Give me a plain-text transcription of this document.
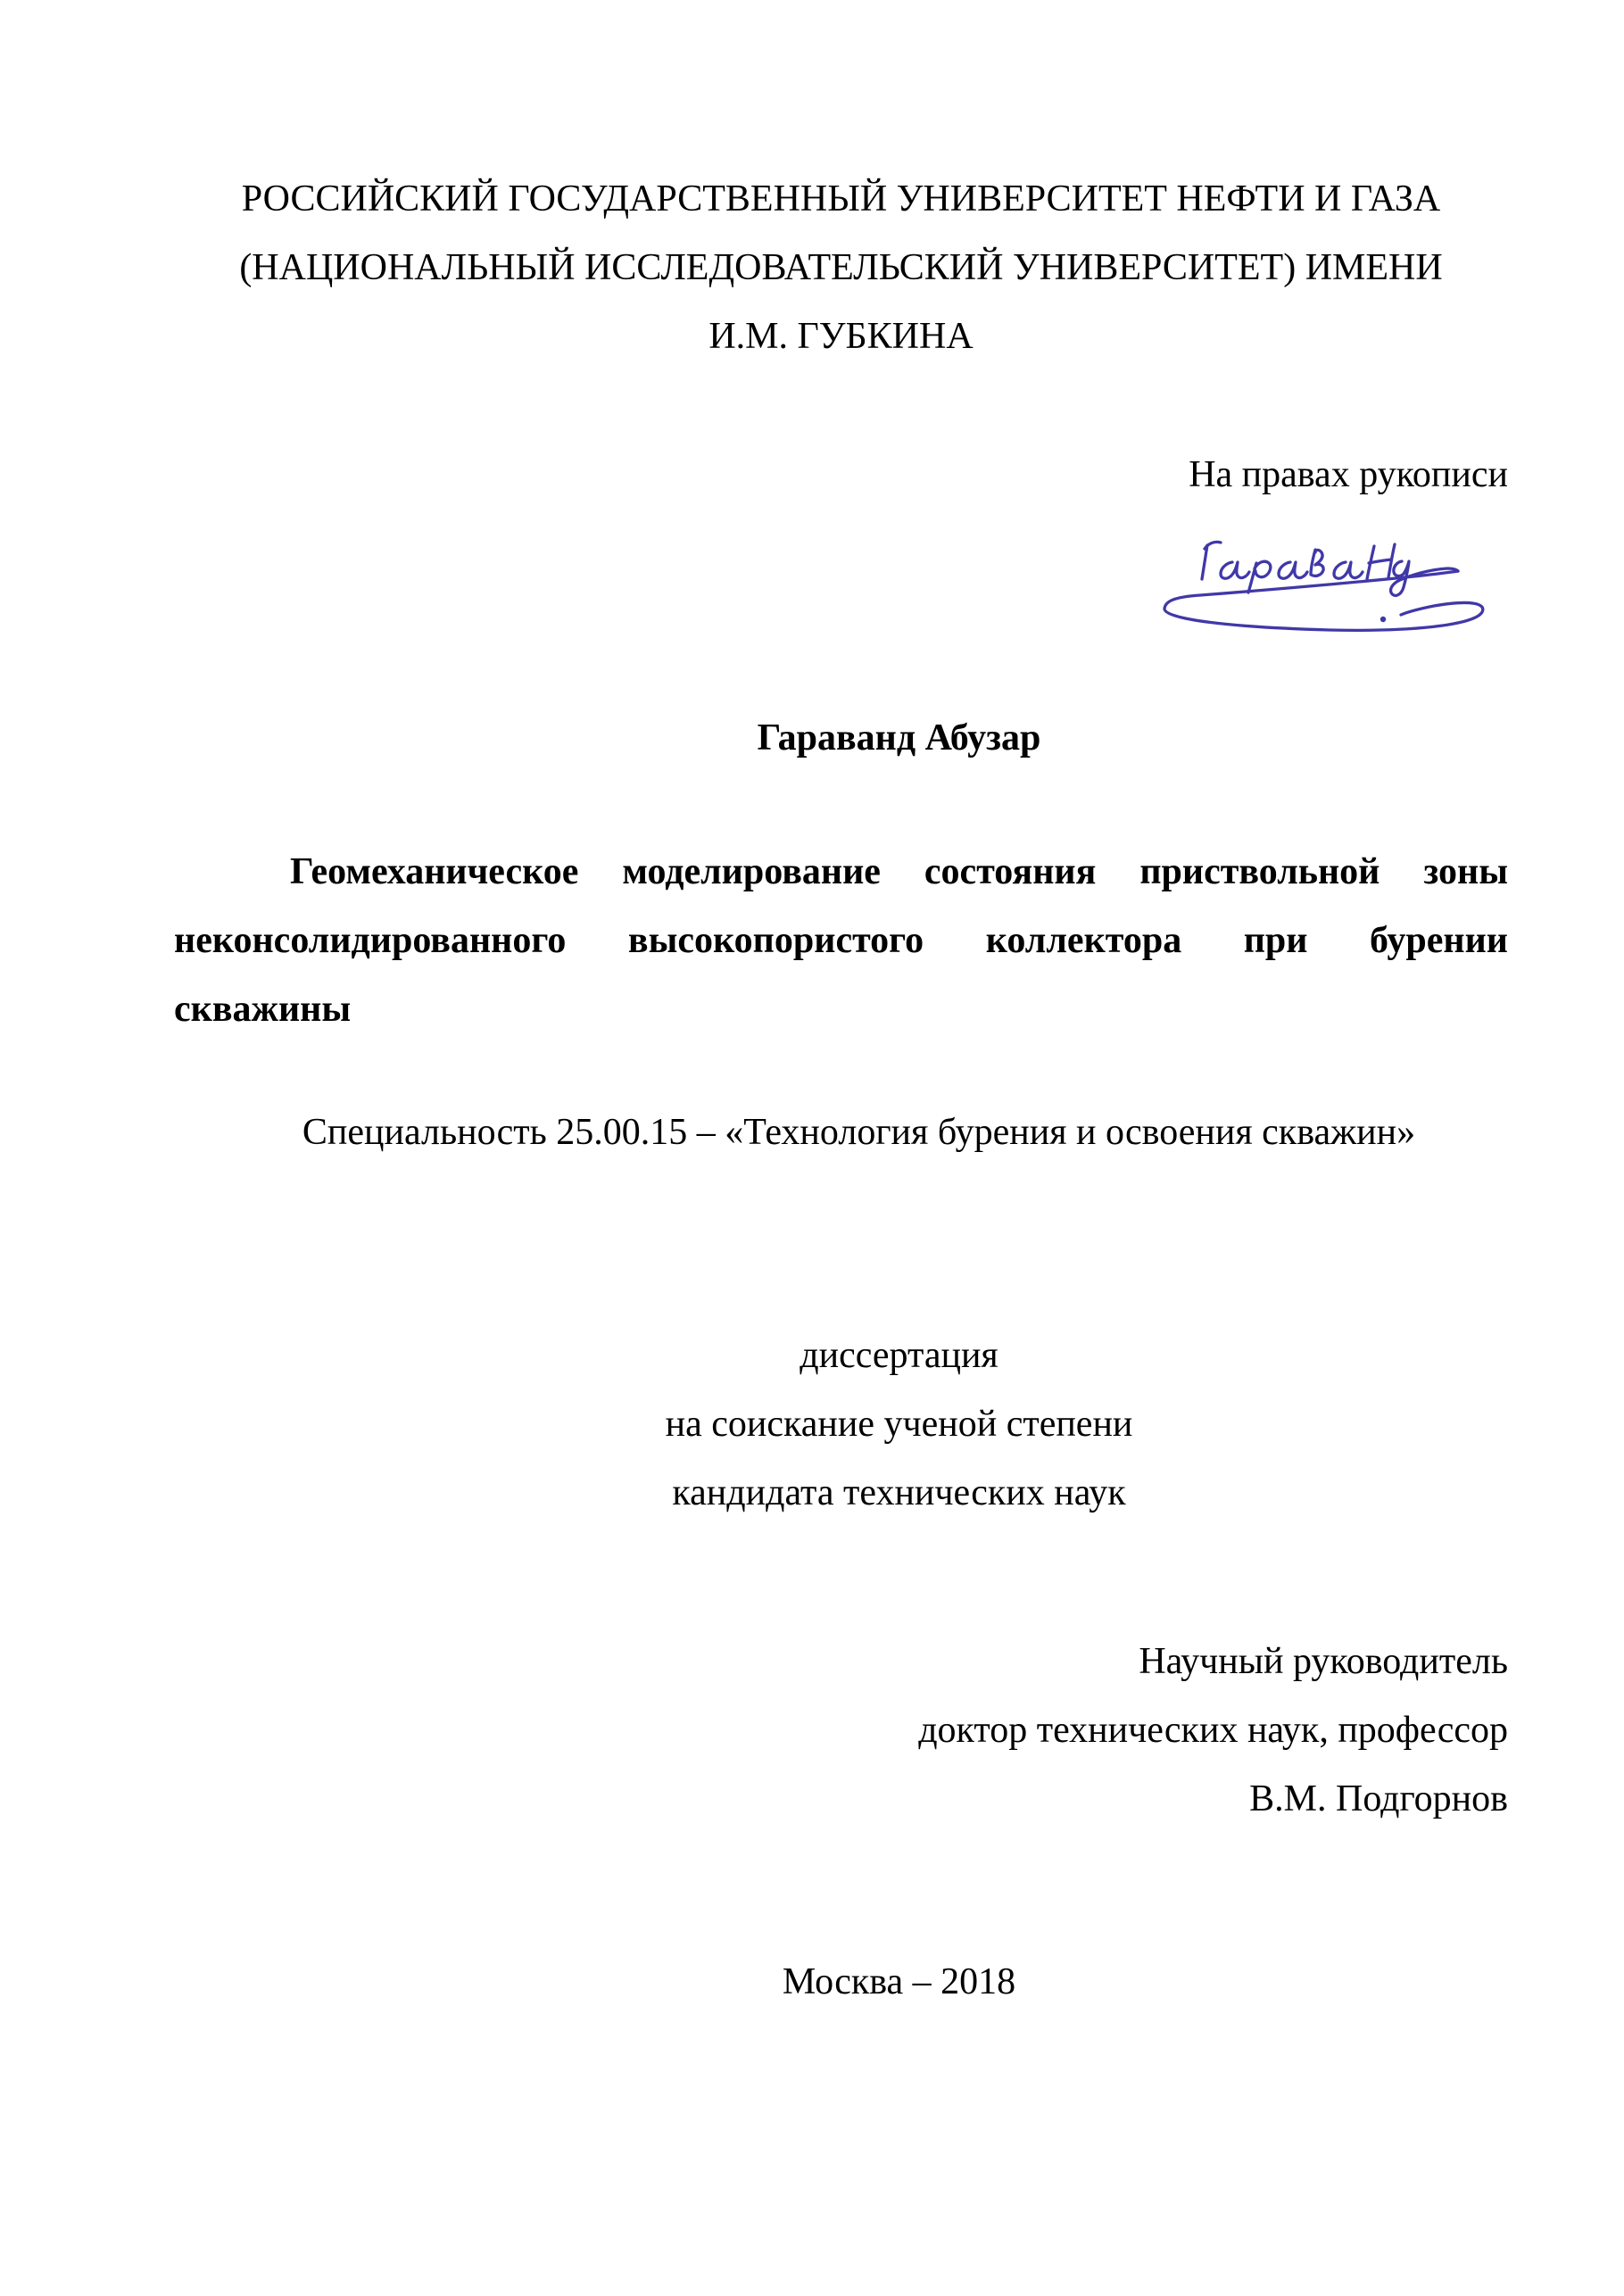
РОССИЙСКИЙ ГОСУДАРСТВЕННЫЙ УНИВЕРСИТЕТ НЕФТИ И ГАЗА
(НАЦИОНАЛЬНЫЙ ИССЛЕДОВАТЕЛЬСКИЙ УНИВЕРСИТЕТ) ИМЕНИ
И.М. ГУБКИНА
На правах рукописи
Гараванд Абузар
Геомеханическое моделирование состояния приствольной зоны
неконсолидированного высокопористого коллектора при бурении
скважины
Специальность 25.00.15 – «Технология бурения и освоения скважин»
диссертация
на соискание ученой степени
кандидата технических наук
Научный руководитель
доктор технических наук, профессор
В.М. Подгорнов
Москва – 2018
